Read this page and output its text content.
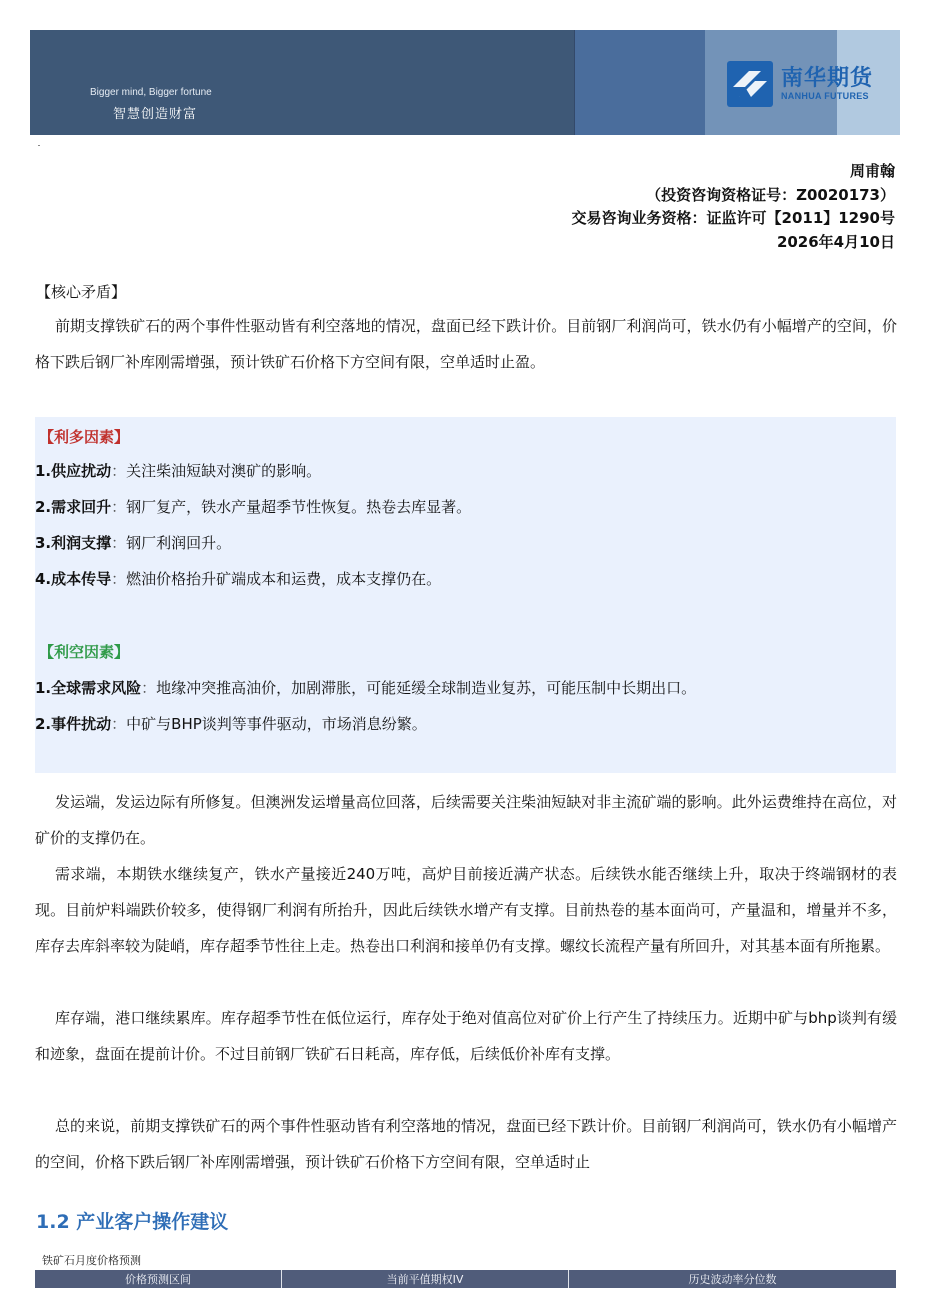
Bigger mind, Bigger fortune
智慧创造财富
南华期货
NANHUA FUTURES
周甫翰
（投资咨询资格证号：Z0020173）
交易咨询业务资格：证监许可【2011】1290号
2026年4月10日
【核心矛盾】
前期支撑铁矿石的两个事件性驱动皆有利空落地的情况，盘面已经下跌计价。目前钢厂利润尚可，铁水仍有小幅增产的空间，价格下跌后钢厂补库刚需增强，预计铁矿石价格下方空间有限，空单适时止盈。
【利多因素】
1.供应扰动：关注柴油短缺对澳矿的影响。
2.需求回升：钢厂复产，铁水产量超季节性恢复。热卷去库显著。
3.利润支撑：钢厂利润回升。
4.成本传导：燃油价格抬升矿端成本和运费，成本支撑仍在。
【利空因素】
1.全球需求风险：地缘冲突推高油价，加剧滞胀，可能延缓全球制造业复苏，可能压制中长期出口。
2.事件扰动：中矿与BHP谈判等事件驱动，市场消息纷繁。
发运端，发运边际有所修复。但澳洲发运增量高位回落，后续需要关注柴油短缺对非主流矿端的影响。此外运费维持在高位，对矿价的支撑仍在。
需求端，本期铁水继续复产，铁水产量接近240万吨，高炉目前接近满产状态。后续铁水能否继续上升，取决于终端钢材的表现。目前炉料端跌价较多，使得钢厂利润有所抬升，因此后续铁水增产有支撑。目前热卷的基本面尚可，产量温和，增量并不多，库存去库斜率较为陡峭，库存超季节性往上走。热卷出口利润和接单仍有支撑。螺纹长流程产量有所回升，对其基本面有所拖累。
库存端，港口继续累库。库存超季节性在低位运行，库存处于绝对值高位对矿价上行产生了持续压力。近期中矿与bhp谈判有缓和迹象，盘面在提前计价。不过目前钢厂铁矿石日耗高，库存低，后续低价补库有支撑。
总的来说，前期支撑铁矿石的两个事件性驱动皆有利空落地的情况，盘面已经下跌计价。目前钢厂利润尚可，铁水仍有小幅增产的空间，价格下跌后钢厂补库刚需增强，预计铁矿石价格下方空间有限，空单适时止
1.2 产业客户操作建议
铁矿石月度价格预测
价格预测区间	当前平值期权IV	历史波动率分位数
